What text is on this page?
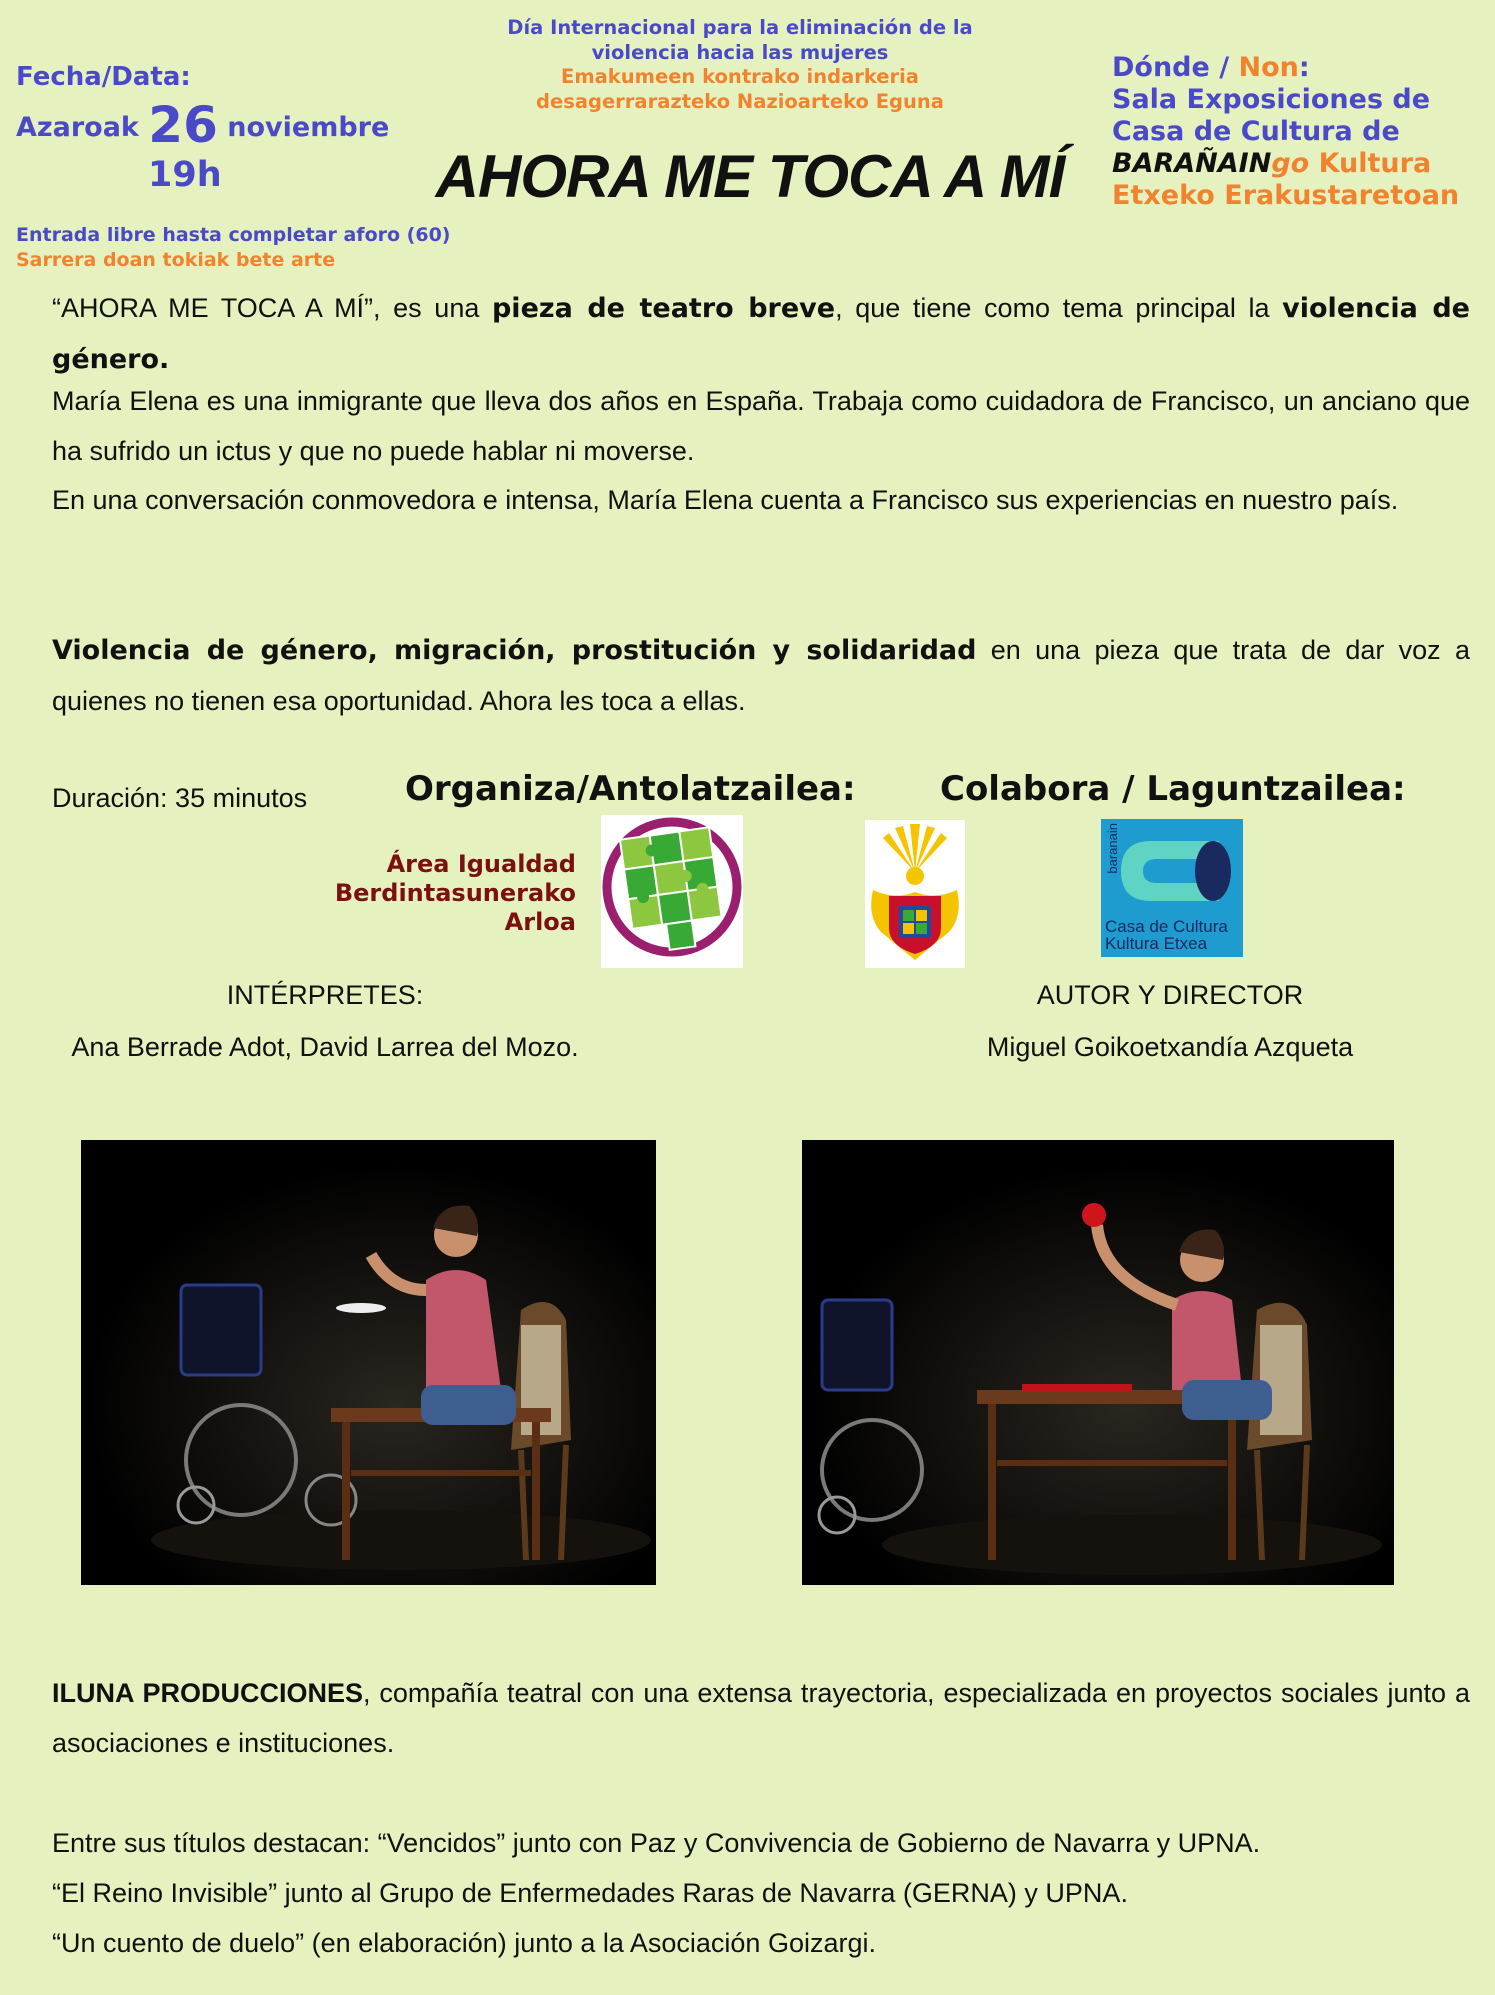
Fecha/Data:
Azaroak 26 noviembre
19h
Entrada libre hasta completar aforo (60)
Sarrera doan tokiak bete arte
Día Internacional para la eliminación de la
violencia hacia las mujeres
Emakumeen kontrako indarkeria
desagerrarazteko Nazioarteko Eguna
AHORA ME TOCA A MÍ
Dónde / Non:
Sala Exposiciones de
Casa de Cultura de
BARAÑAINgo Kultura
Etxeko Erakustaretoan
“AHORA ME TOCA A MÍ”, es una pieza de teatro breve, que tiene como tema principal la violencia de género.
María Elena es una inmigrante que lleva dos años en España. Trabaja como cuidadora de Francisco, un anciano que ha sufrido un ictus y que no puede hablar ni moverse.
En una conversación conmovedora e intensa, María Elena cuenta a Francisco sus experiencias en nuestro país.
Violencia de género, migración, prostitución y solidaridad en una pieza que trata de dar voz a quienes no tienen esa oportunidad. Ahora les toca a ellas.
Duración: 35 minutos	Organiza/Antolatzailea: Colabora / Laguntzailea:
Área Igualdad
Berdintasunerako
Arloa
baranain
Casa de Cultura
Kultura Etxea
INTÉRPRETES:
Ana Berrade Adot, David Larrea del Mozo.
AUTOR Y DIRECTOR
Miguel Goikoetxandía Azqueta
ILUNA PRODUCCIONES, compañía teatral con una extensa trayectoria, especializada en proyectos sociales junto a asociaciones e instituciones.
Entre sus títulos destacan: “Vencidos” junto con Paz y Convivencia de Gobierno de Navarra y UPNA.
“El Reino Invisible” junto al Grupo de Enfermedades Raras de Navarra (GERNA) y UPNA.
“Un cuento de duelo” (en elaboración) junto a la Asociación Goizargi.
